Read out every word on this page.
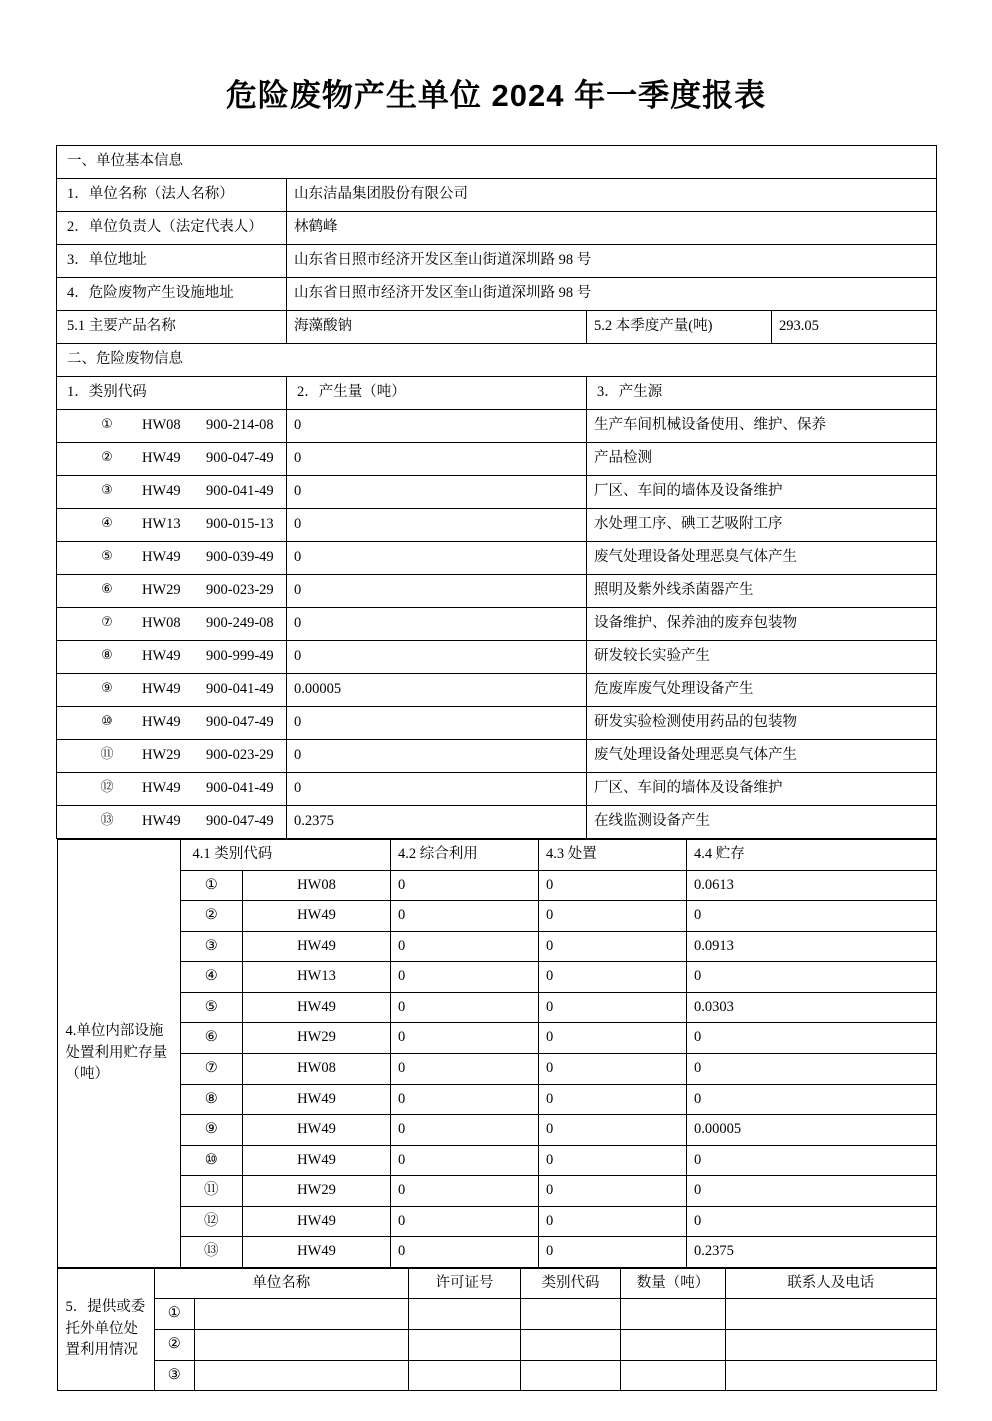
危险废物产生单位 2024 年一季度报表
一、单位基本信息
1．单位名称（法人名称）	山东洁晶集团股份有限公司
2．单位负责人（法定代表人）	林鹤峰
3．单位地址	山东省日照市经济开发区奎山街道深圳路 98 号
4．危险废物产生设施地址	山东省日照市经济开发区奎山街道深圳路 98 号
5.1 主要产品名称	海藻酸钠	5.2 本季度产量(吨)	293.05
二、危险废物信息
1．类别代码	2．产生量（吨）	3．产生源

①	HW08	900-214-08	0	生产车间机械设备使用、维护、保养

②	HW49	900-047-49	0	产品检测

③	HW49	900-041-49	0	厂区、车间的墙体及设备维护

④	HW13	900-015-13	0	水处理工序、碘工艺吸附工序

⑤	HW49	900-039-49	0	废气处理设备处理恶臭气体产生

⑥	HW29	900-023-29	0	照明及紫外线杀菌器产生

⑦	HW08	900-249-08	0	设备维护、保养油的废弃包装物

⑧	HW49	900-999-49	0	研发较长实验产生

⑨	HW49	900-041-49	0.00005	危废库废气处理设备产生

⑩	HW49	900-047-49	0	研发实验检测使用药品的包装物

⑪	HW29	900-023-29	0	废气处理设备处理恶臭气体产生

⑫	HW49	900-041-49	0	厂区、车间的墙体及设备维护

⑬	HW49	900-047-49	0.2375	在线监测设备产生

4.单位内部设施处置利用贮存量（吨）
4.1 类别代码	4.2 综合利用	4.3 处置	4.4 贮存
①	HW08	0	0	0.0613
②	HW49	0	0	0
③	HW49	0	0	0.0913
④	HW13	0	0	0
⑤	HW49	0	0	0.0303
⑥	HW29	0	0	0
⑦	HW08	0	0	0
⑧	HW49	0	0	0
⑨	HW49	0	0	0.00005
⑩	HW49	0	0	0
⑪	HW29	0	0	0
⑫	HW49	0	0	0
⑬	HW49	0	0	0.2375

5．提供或委托外单位处置利用情况
单位名称	许可证号	类别代码	数量（吨）	联系人及电话
①					
②					
③					
